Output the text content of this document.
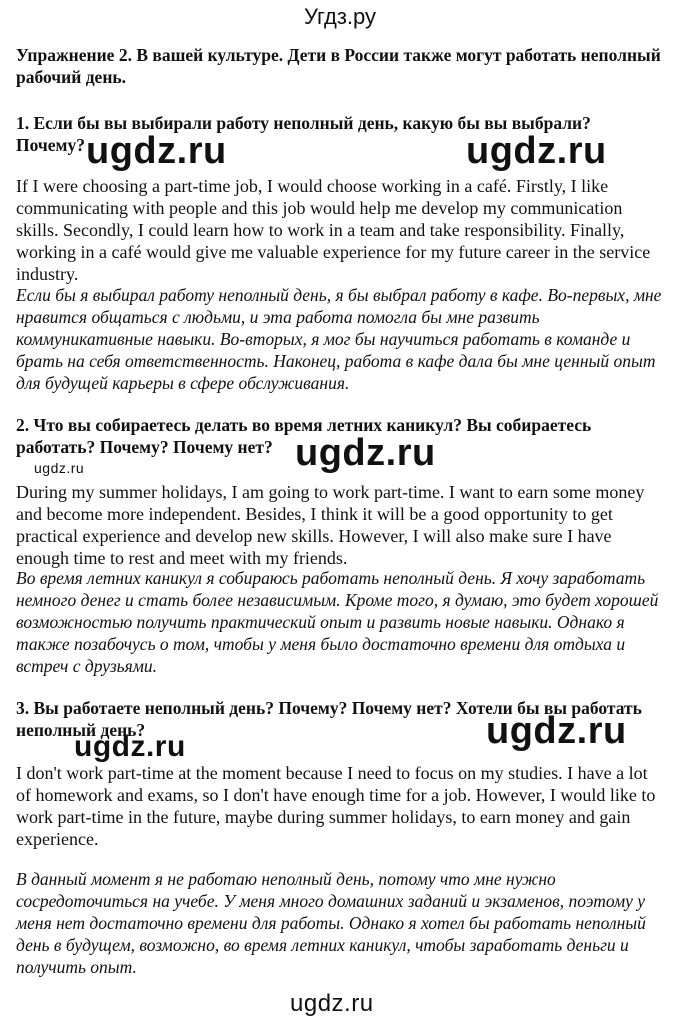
Угдз.ру
Упражнение 2. В вашей культуре. Дети в России также могут работать неполный рабочий день.
1. Если бы вы выбирали работу неполный день, какую бы вы выбрали? Почему?
If I were choosing a part-time job, I would choose working in a café. Firstly, I like communicating with people and this job would help me develop my communication skills. Secondly, I could learn how to work in a team and take responsibility. Finally, working in a café would give me valuable experience for my future career in the service industry.
Если бы я выбирал работу неполный день, я бы выбрал работу в кафе. Во-первых, мне нравится общаться с людьми, и эта работа помогла бы мне развить коммуникативные навыки. Во-вторых, я мог бы научиться работать в команде и брать на себя ответственность. Наконец, работа в кафе дала бы мне ценный опыт для будущей карьеры в сфере обслуживания.
2. Что вы собираетесь делать во время летних каникул? Вы собираетесь работать? Почему? Почему нет?
During my summer holidays, I am going to work part-time. I want to earn some money and become more independent. Besides, I think it will be a good opportunity to get practical experience and develop new skills. However, I will also make sure I have enough time to rest and meet with my friends.
Во время летних каникул я собираюсь работать неполный день. Я хочу заработать немного денег и стать более независимым. Кроме того, я думаю, это будет хорошей возможностью получить практический опыт и развить новые навыки. Однако я также позабочусь о том, чтобы у меня было достаточно времени для отдыха и встреч с друзьями.
3. Вы работаете неполный день? Почему? Почему нет? Хотели бы вы работать неполный день?
I don't work part-time at the moment because I need to focus on my studies. I have a lot of homework and exams, so I don't have enough time for a job. However, I would like to work part-time in the future, maybe during summer holidays, to earn money and gain experience.
В данный момент я не работаю неполный день, потому что мне нужно сосредоточиться на учебе. У меня много домашних заданий и экзаменов, поэтому у меня нет достаточно времени для работы. Однако я хотел бы работать неполный день в будущем, возможно, во время летних каникул, чтобы заработать деньги и получить опыт.
ugdz.ru	ugdz.ru
ugdz.ru	ugdz.ru
ugdz.ru	ugdz.ru
ugdz.ru
